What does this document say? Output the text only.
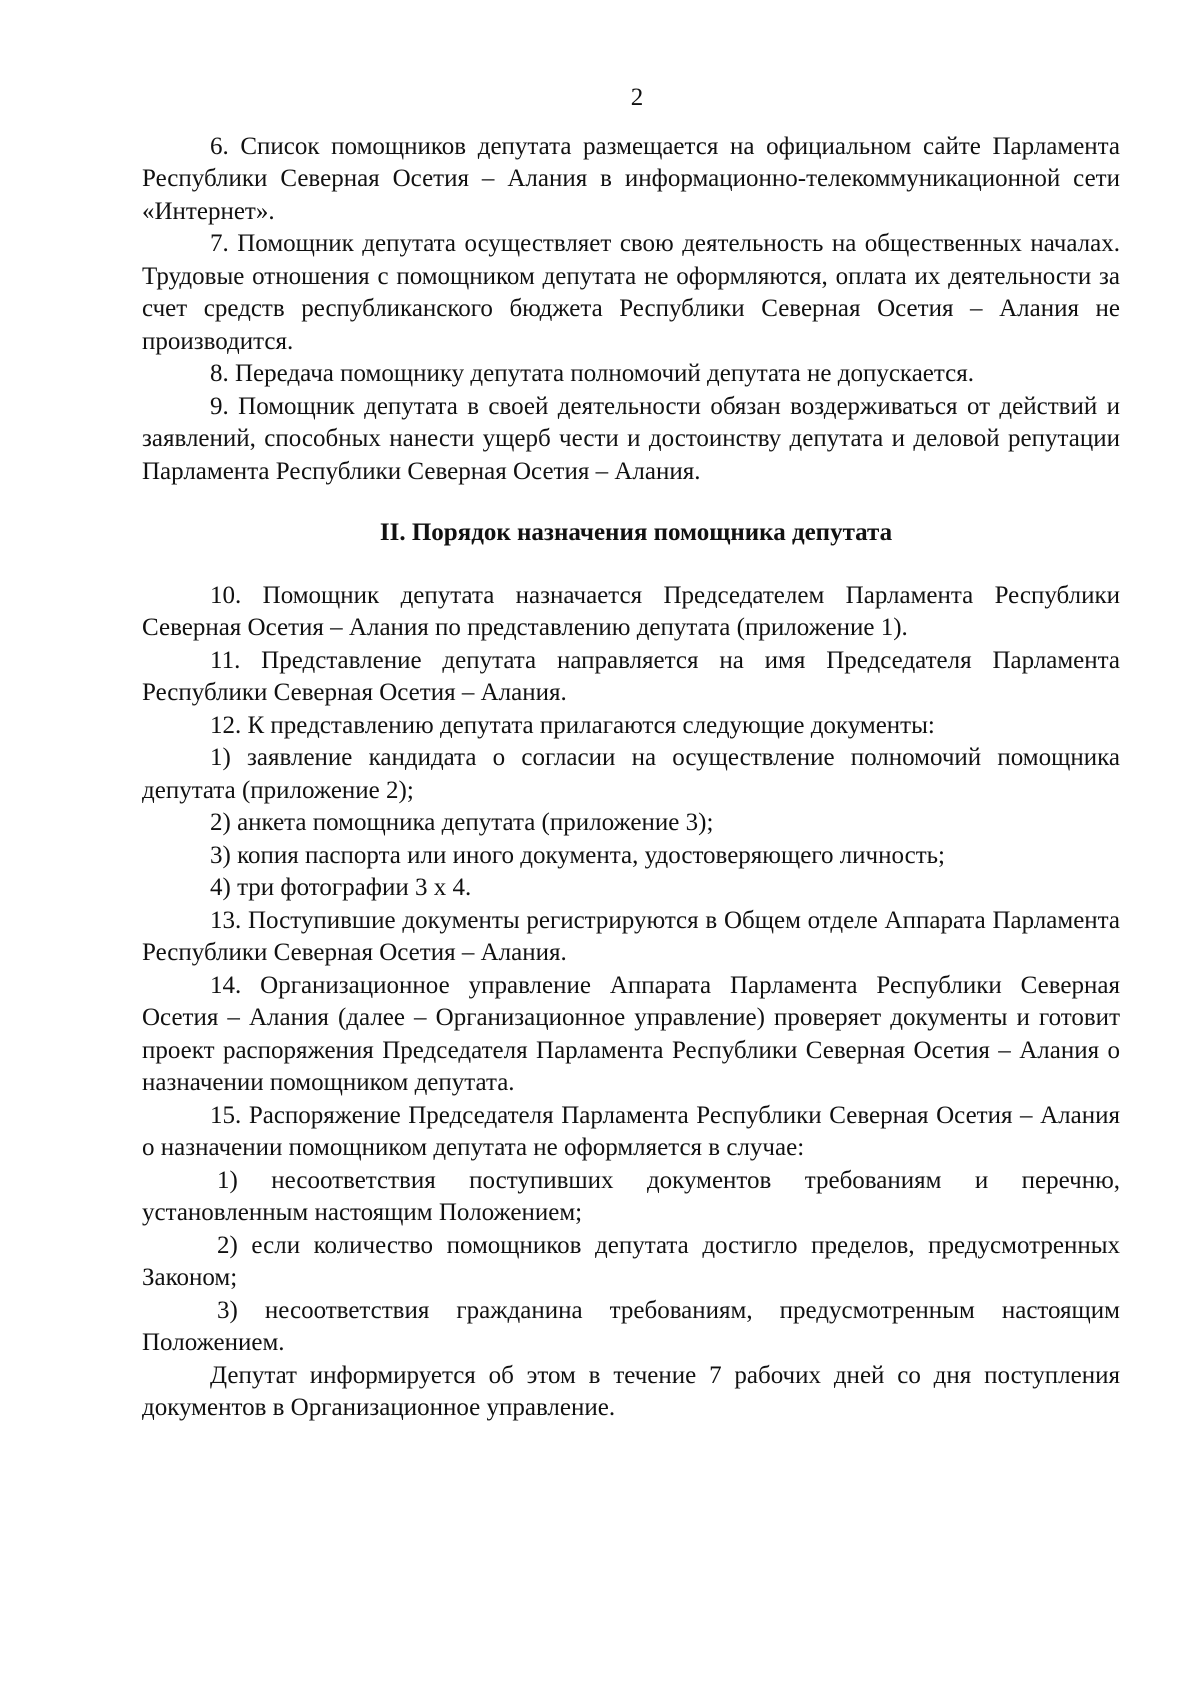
2

6. Список помощников депутата размещается на официальном сайте Парламента Республики Северная Осетия – Алания в информационно-телекоммуникационной сети «Интернет».

7. Помощник депутата осуществляет свою деятельность на общественных началах. Трудовые отношения с помощником депутата не оформляются, оплата их деятельности за счет средств республиканского бюджета Республики Северная Осетия – Алания не производится.

8. Передача помощнику депутата полномочий депутата не допускается.

9. Помощник депутата в своей деятельности обязан воздерживаться от действий и заявлений, способных нанести ущерб чести и достоинству депутата и деловой репутации Парламента Республики Северная Осетия – Алания.

II. Порядок назначения помощника депутата

10. Помощник депутата назначается Председателем Парламента Республики Северная Осетия – Алания по представлению депутата (приложение 1).

11. Представление депутата направляется на имя Председателя Парламента Республики Северная Осетия – Алания.

12. К представлению депутата прилагаются следующие документы:

1) заявление кандидата о согласии на осуществление полномочий помощника депутата (приложение 2);

2) анкета помощника депутата (приложение 3);

3) копия паспорта или иного документа, удостоверяющего личность;

4) три фотографии 3 х 4.

13. Поступившие документы регистрируются в Общем отделе Аппарата Парламента Республики Северная Осетия – Алания.

14. Организационное управление Аппарата Парламента Республики Северная Осетия – Алания (далее – Организационное управление) проверяет документы и готовит проект распоряжения Председателя Парламента Республики Северная Осетия – Алания о назначении помощником депутата.

15. Распоряжение Председателя Парламента Республики Северная Осетия – Алания о назначении помощником депутата не оформляется в случае:

1) несоответствия поступивших документов требованиям и перечню, установленным настоящим Положением;

2) если количество помощников депутата достигло пределов, предусмотренных Законом;

3) несоответствия гражданина требованиям, предусмотренным настоящим Положением.

Депутат информируется об этом в течение 7 рабочих дней со дня поступления документов в Организационное управление.
